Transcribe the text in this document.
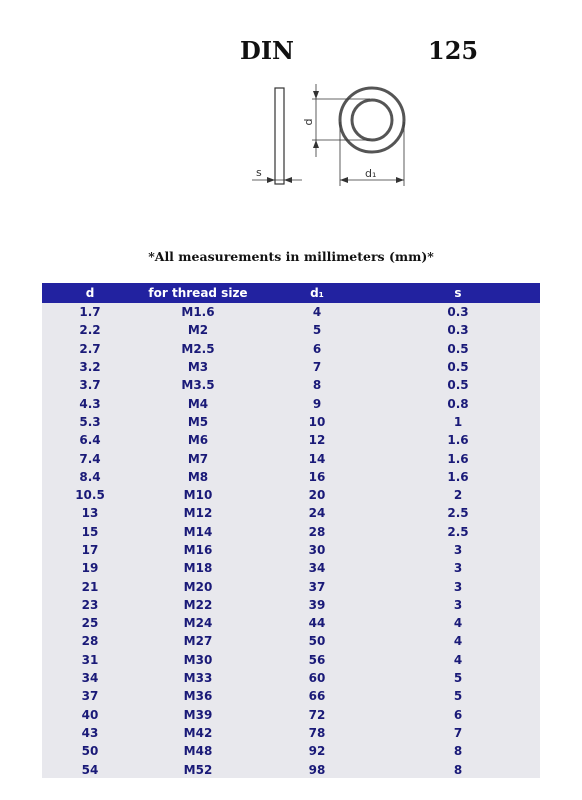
DIN	125
d
d₁
s
*All measurements in millimeters (mm)*
d	for thread size	d₁	s
1.7	M1.6	4	0.3
2.2	M2	5	0.3
2.7	M2.5	6	0.5
3.2	M3	7	0.5
3.7	M3.5	8	0.5
4.3	M4	9	0.8
5.3	M5	10	1
6.4	M6	12	1.6
7.4	M7	14	1.6
8.4	M8	16	1.6
10.5	M10	20	2
13	M12	24	2.5
15	M14	28	2.5
17	M16	30	3
19	M18	34	3
21	M20	37	3
23	M22	39	3
25	M24	44	4
28	M27	50	4
31	M30	56	4
34	M33	60	5
37	M36	66	5
40	M39	72	6
43	M42	78	7
50	M48	92	8
54	M52	98	8
